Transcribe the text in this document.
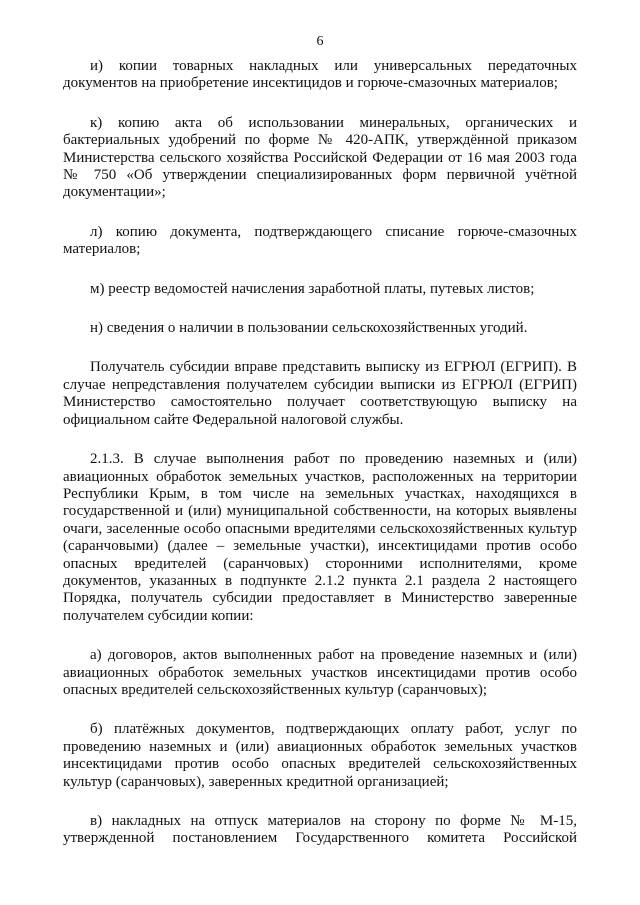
6

и) копии товарных накладных или универсальных передаточных документов на приобретение инсектицидов и горюче-смазочных материалов;

к) копию акта об использовании минеральных, органических и бактериальных удобрений по форме № 420-АПК, утверждённой приказом Министерства сельского хозяйства Российской Федерации от 16 мая 2003 года № 750 «Об утверждении специализированных форм первичной учётной документации»;

л) копию документа, подтверждающего списание горюче-смазочных материалов;

м) реестр ведомостей начисления заработной платы, путевых листов;

н) сведения о наличии в пользовании сельскохозяйственных угодий.

Получатель субсидии вправе представить выписку из ЕГРЮЛ (ЕГРИП). В случае непредставления получателем субсидии выписки из ЕГРЮЛ (ЕГРИП) Министерство самостоятельно получает соответствующую выписку на официальном сайте Федеральной налоговой службы.

2.1.3. В случае выполнения работ по проведению наземных и (или) авиационных обработок земельных участков, расположенных на территории Республики Крым, в том числе на земельных участках, находящихся в государственной и (или) муниципальной собственности, на которых выявлены очаги, заселенные особо опасными вредителями сельскохозяйственных культур (саранчовыми) (далее – земельные участки), инсектицидами против особо опасных вредителей (саранчовых) сторонними исполнителями, кроме документов, указанных в подпункте 2.1.2 пункта 2.1 раздела 2 настоящего Порядка, получатель субсидии предоставляет в Министерство заверенные получателем субсидии копии:

а) договоров, актов выполненных работ на проведение наземных и (или) авиационных обработок земельных участков инсектицидами против особо опасных вредителей сельскохозяйственных культур (саранчовых);

б) платёжных документов, подтверждающих оплату работ, услуг по проведению наземных и (или) авиационных обработок земельных участков инсектицидами против особо опасных вредителей сельскохозяйственных культур (саранчовых), заверенных кредитной организацией;

в) накладных на отпуск материалов на сторону по форме № М-15, утвержденной постановлением Государственного комитета Российской
